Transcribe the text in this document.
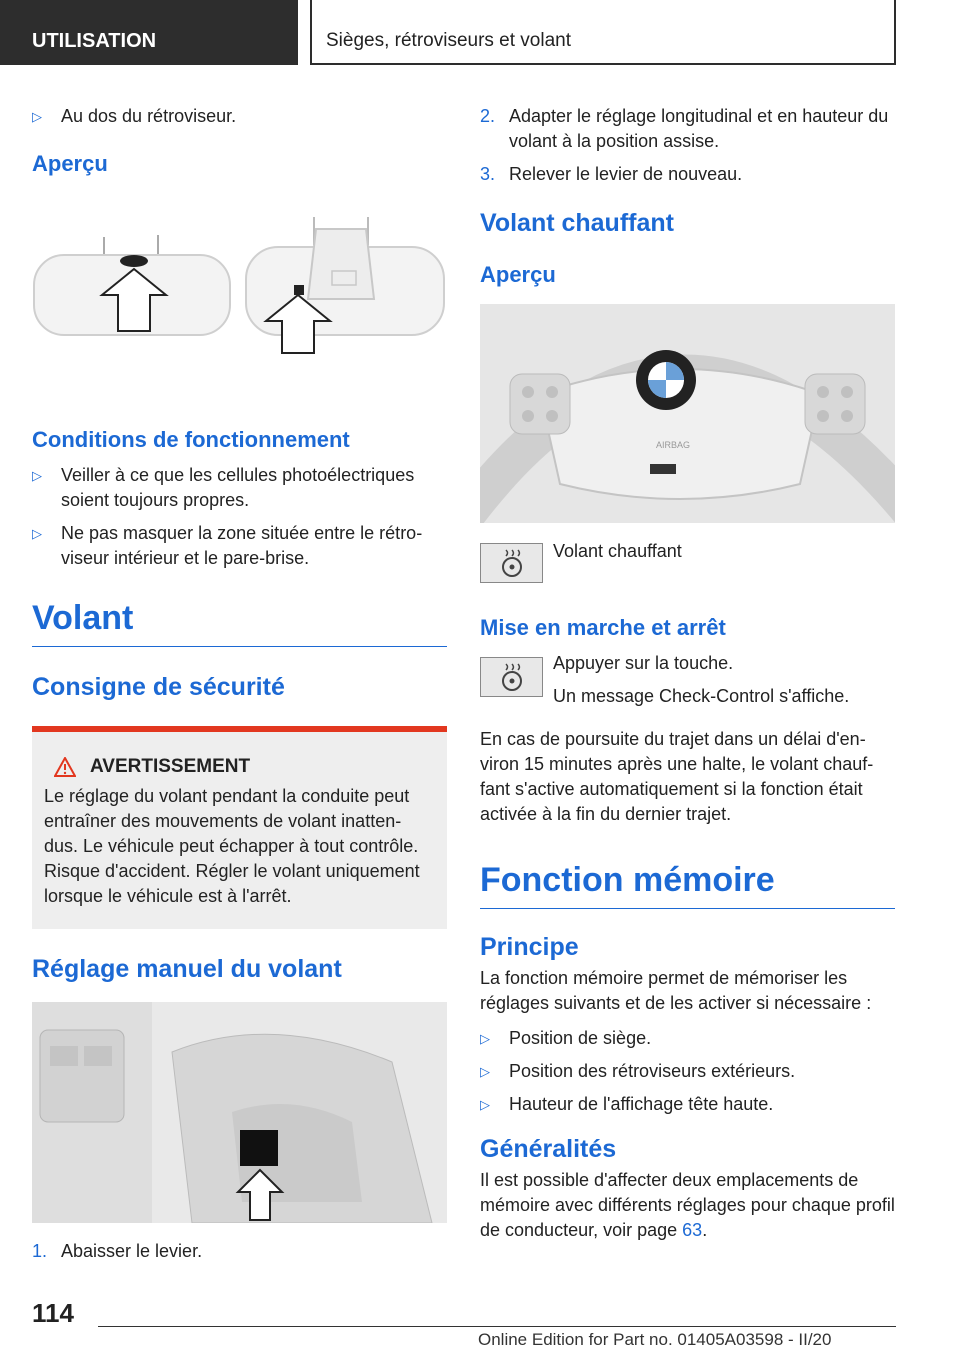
UTILISATION	Sièges, rétroviseurs et volant
▷	Au dos du rétroviseur.
Aperçu
Conditions de fonctionnement
▷	Veiller à ce que les cellules photoélectriques soient toujours propres.
▷	Ne pas masquer la zone située entre le rétro-viseur intérieur et le pare-brise.
Volant
Consigne de sécurité
AVERTISSEMENT

Le réglage du volant pendant la conduite peut entraîner des mouvements de volant inatten-dus. Le véhicule peut échapper à tout contrôle. Risque d'accident. Régler le volant uniquement lorsque le véhicule est à l'arrêt.

Réglage manuel du volant
1. Abaisser le levier.
2. Adapter le réglage longitudinal et en hauteur du volant à la position assise.
3. Relever le levier de nouveau.
Volant chauffant
Aperçu
AIRBAG

Volant chauffant

Mise en marche et arrêt

Appuyer sur la touche.

Un message Check-Control s'affiche.

En cas de poursuite du trajet dans un délai d'en-viron 15 minutes après une halte, le volant chauf-fant s'active automatiquement si la fonction était activée à la fin du dernier trajet.

Fonction mémoire
Principe

La fonction mémoire permet de mémoriser les réglages suivants et de les activer si nécessaire :

▷	Position de siège.
▷	Position des rétroviseurs extérieurs.
▷	Hauteur de l'affichage tête haute.
Généralités

Il est possible d'affecter deux emplacements de mémoire avec différents réglages pour chaque profil de conducteur, voir page 63.

114
Online Edition for Part no. 01405A03598 - II/20
